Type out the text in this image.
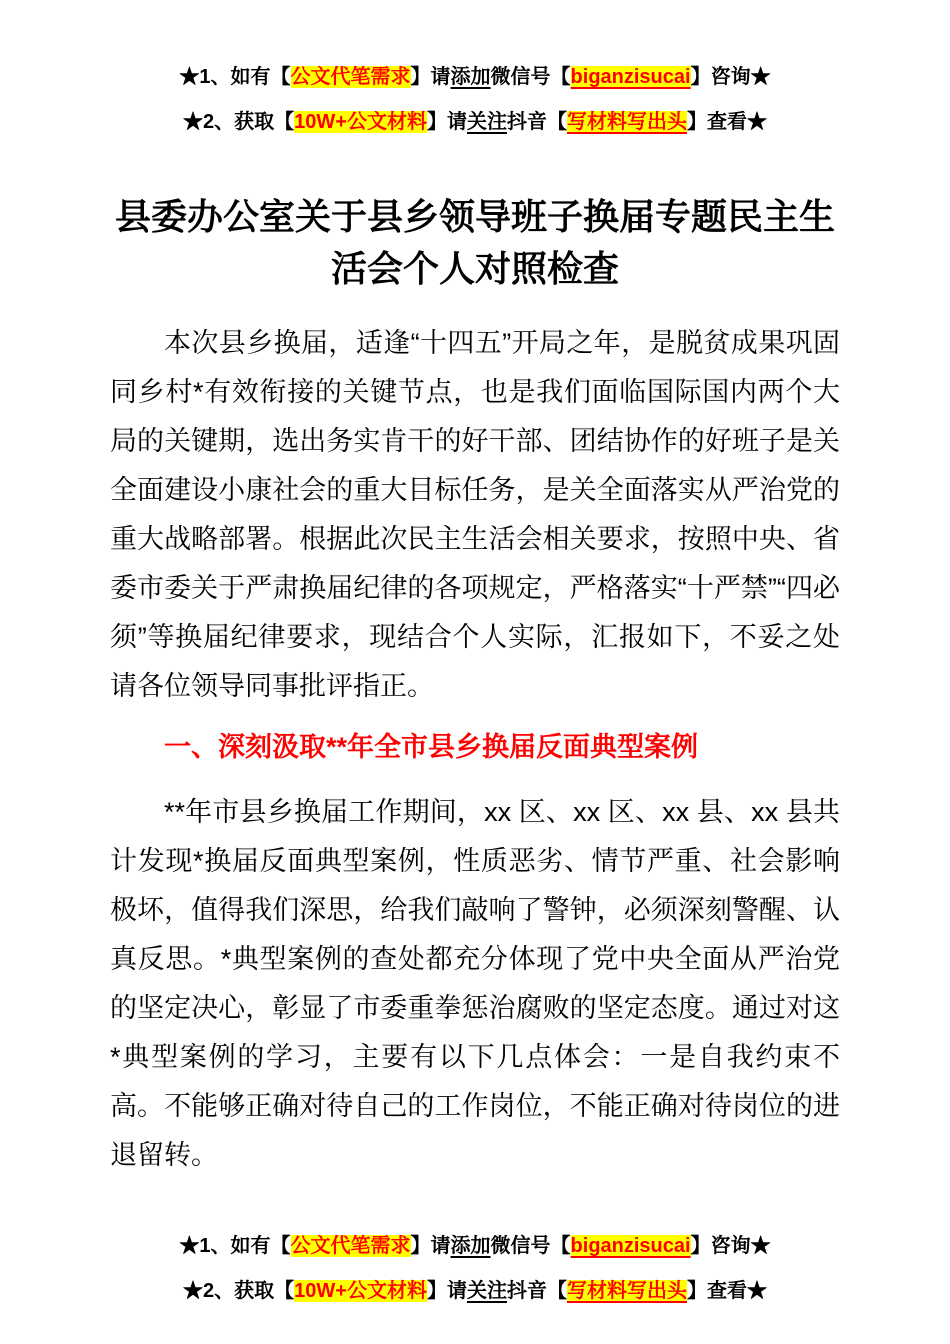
★1、如有【公文代笔需求】请添加微信号【biganzisucai】咨询★
★2、获取【10W+公文材料】请关注抖音【写材料写出头】查看★
县委办公室关于县乡领导班子换届专题民主生
活会个人对照检查
本次县乡换届，适逢“十四五”开局之年，是脱贫成果巩固同乡村*有效衔接的关键节点，也是我们面临国际国内两个大局的关键期，选出务实肯干的好干部、团结协作的好班子是关全面建设小康社会的重大目标任务，是关全面落实从严治党的重大战略部署。根据此次民主生活会相关要求，按照中央、省委市委关于严肃换届纪律的各项规定，严格落实“十严禁”“四必须”等换届纪律要求，现结合个人实际，汇报如下，不妥之处请各位领导同事批评指正。
一、深刻汲取**年全市县乡换届反面典型案例
**年市县乡换届工作期间，xx 区、xx 区、xx 县、xx 县共计发现*换届反面典型案例，性质恶劣、情节严重、社会影响极坏，值得我们深思，给我们敲响了警钟，必须深刻警醒、认真反思。*典型案例的查处都充分体现了党中央全面从严治党的坚定决心，彰显了市委重拳惩治腐败的坚定态度。通过对这*典型案例的学习，主要有以下几点体会：一是自我约束不高。不能够正确对待自己的工作岗位，不能正确对待岗位的进退留转。
★1、如有【公文代笔需求】请添加微信号【biganzisucai】咨询★
★2、获取【10W+公文材料】请关注抖音【写材料写出头】查看★
